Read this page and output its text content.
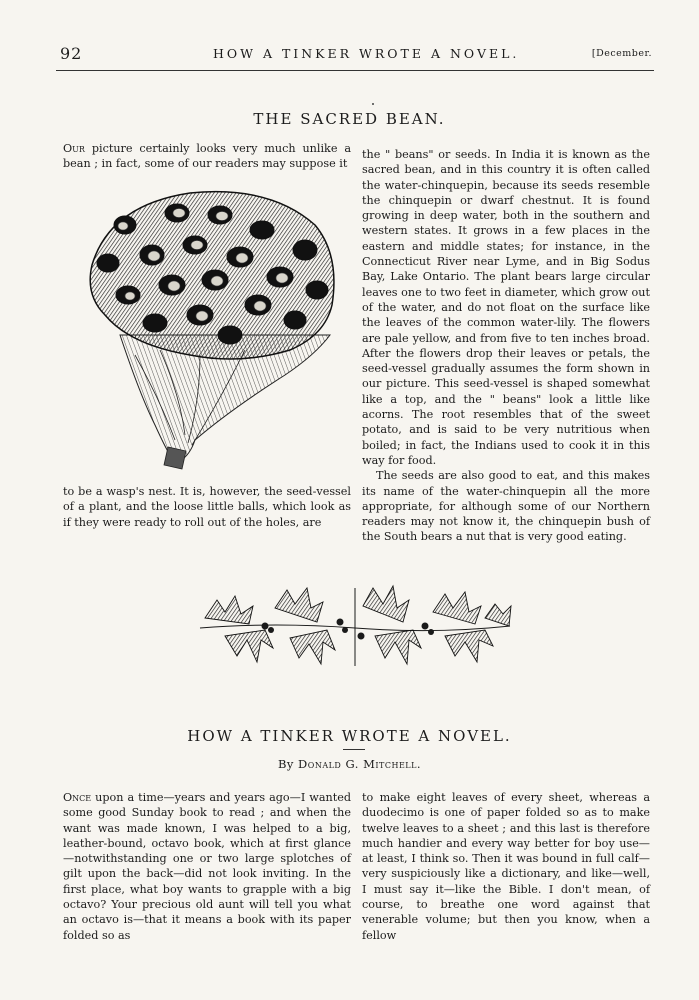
92	HOW A TINKER WROTE A NOVEL.	[December.
THE SACRED BEAN.

Our picture certainly looks very much unlike a bean ; in fact, some of our readers may suppose it

to be a wasp's nest. It is, however, the seed-vessel of a plant, and the loose little balls, which look as if they were ready to roll out of the holes, are

the " beans" or seeds. In India it is known as the sacred bean, and in this country it is often called the water-chinquepin, because its seeds resemble the chinquepin or dwarf chestnut. It is found growing in deep water, both in the southern and western states. It grows in a few places in the eastern and middle states; for instance, in the Connecticut River near Lyme, and in Big Sodus Bay, Lake Ontario. The plant bears large circular leaves one to two feet in diameter, which grow out of the water, and do not float on the surface like the leaves of the common water-lily. The flowers are pale yellow, and from five to ten inches broad. After the flowers drop their leaves or petals, the seed-vessel gradually assumes the form shown in our picture. This seed-vessel is shaped somewhat like a top, and the " beans" look a little like acorns. The root resembles that of the sweet potato, and is said to be very nutritious when boiled; in fact, the Indians used to cook it in this way for food.

The seeds are also good to eat, and this makes its name of the water-chinquepin all the more appropriate, for although some of our Northern readers may not know it, the chinquepin bush of the South bears a nut that is very good eating.

HOW A TINKER WROTE A NOVEL.
By Donald G. Mitchell.

Once upon a time—years and years ago—I wanted some good Sunday book to read ; and when the want was made known, I was helped to a big, leather-bound, octavo book, which at first glance—notwithstanding one or two large splotches of gilt upon the back—did not look inviting. In the first place, what boy wants to grapple with a big octavo? Your precious old aunt will tell you what an octavo is—that it means a book with its paper folded so as

to make eight leaves of every sheet, whereas a duodecimo is one of paper folded so as to make twelve leaves to a sheet ; and this last is therefore much handier and every way better for boy use—at least, I think so. Then it was bound in full calf—very suspiciously like a dictionary, and like—well, I must say it—like the Bible. I don't mean, of course, to breathe one word against that venerable volume; but then you know, when a fellow
